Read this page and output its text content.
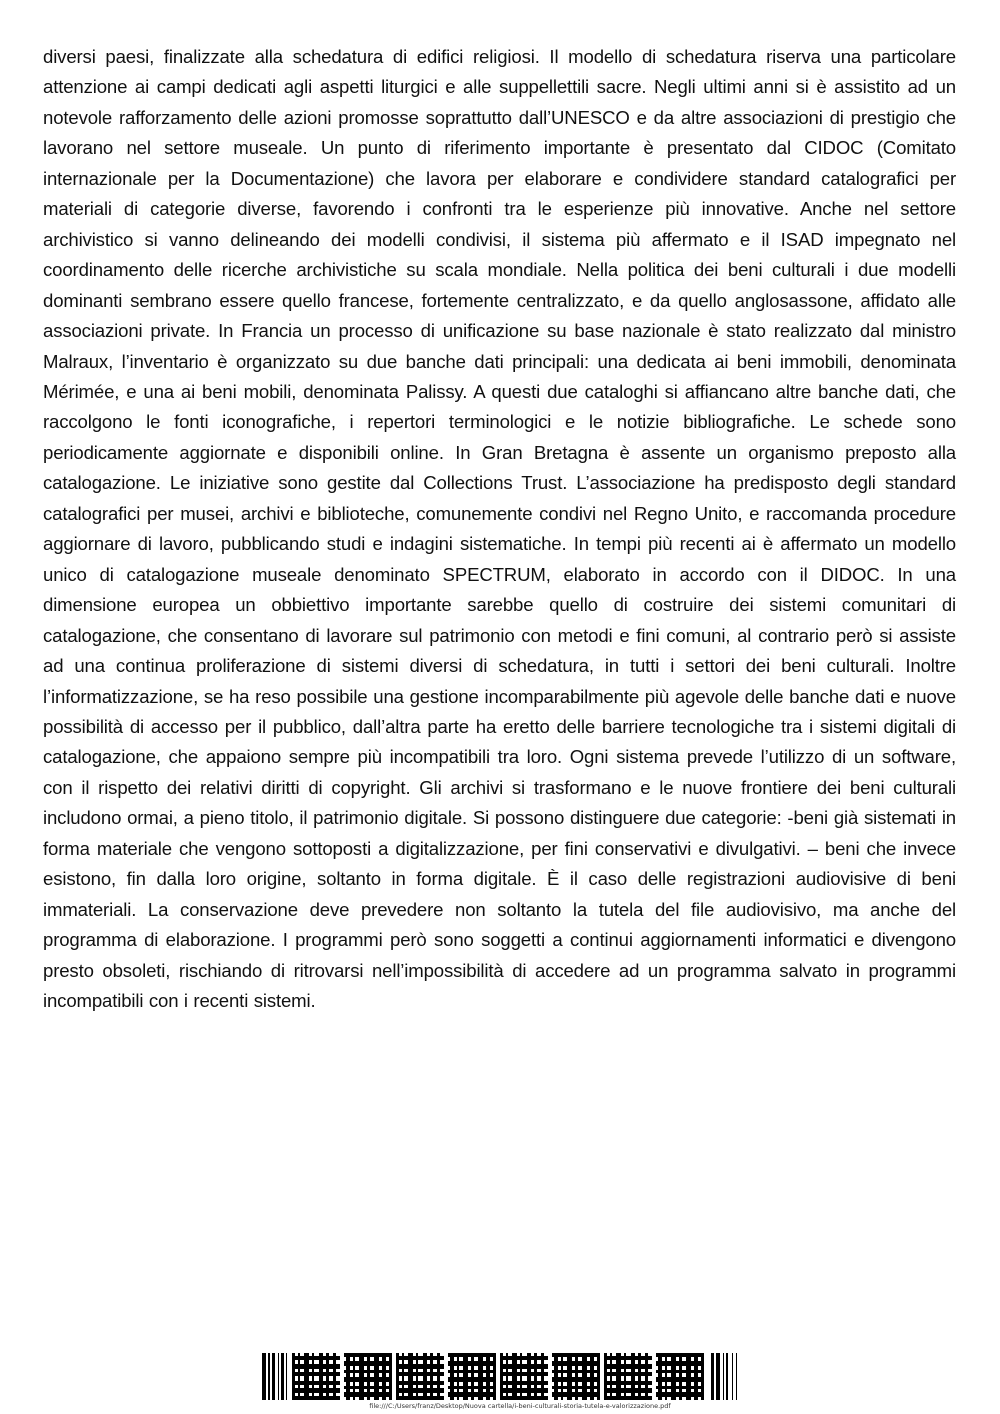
diversi paesi, finalizzate alla schedatura di edifici religiosi. Il modello di schedatura riserva una particolare attenzione ai campi dedicati agli aspetti liturgici e alle suppellettili sacre. Negli ultimi anni si è assistito ad un notevole rafforzamento delle azioni promosse soprattutto dall’UNESCO e da altre associazioni di prestigio che lavorano nel settore museale. Un punto di riferimento importante è presentato dal CIDOC (Comitato internazionale per la Documentazione) che lavora per elaborare e condividere standard catalografici per materiali di categorie diverse, favorendo i confronti tra le esperienze più innovative. Anche nel settore archivistico si vanno delineando dei modelli condivisi, il sistema più affermato e il ISAD impegnato nel coordinamento delle ricerche archivistiche su scala mondiale. Nella politica dei beni culturali i due modelli dominanti sembrano essere quello francese, fortemente centralizzato, e da quello anglosassone, affidato alle associazioni private. In Francia un processo di unificazione su base nazionale è stato realizzato dal ministro Malraux, l’inventario è organizzato su due banche dati principali: una dedicata ai beni immobili, denominata Mérimée, e una ai beni mobili, denominata Palissy. A questi due cataloghi si affiancano altre banche dati, che raccolgono le fonti iconografiche, i repertori terminologici e le notizie bibliografiche. Le schede sono periodicamente aggiornate e disponibili online. In Gran Bretagna è assente un organismo preposto alla catalogazione. Le iniziative sono gestite dal Collections Trust. L’associazione ha predisposto degli standard catalografici per musei, archivi e biblioteche, comunemente condivi nel Regno Unito, e raccomanda procedure aggiornare di lavoro, pubblicando studi e indagini sistematiche. In tempi più recenti ai è affermato un modello unico di catalogazione museale denominato SPECTRUM, elaborato in accordo con il DIDOC. In una dimensione europea un obbiettivo importante sarebbe quello di costruire dei sistemi comunitari di catalogazione, che consentano di lavorare sul patrimonio con metodi e fini comuni, al contrario però si assiste ad una continua proliferazione di sistemi diversi di schedatura, in tutti i settori dei beni culturali. Inoltre l’informatizzazione, se ha reso possibile una gestione incomparabilmente più agevole delle banche dati e nuove possibilità di accesso per il pubblico, dall’altra parte ha eretto delle barriere tecnologiche tra i sistemi digitali di catalogazione, che appaiono sempre più incompatibili tra loro. Ogni sistema prevede l’utilizzo di un software, con il rispetto dei relativi diritti di copyright. Gli archivi si trasformano e le nuove frontiere dei beni culturali includono ormai, a pieno titolo, il patrimonio digitale. Si possono distinguere due categorie: -beni già sistemati in forma materiale che vengono sottoposti a digitalizzazione, per fini conservativi e divulgativi. – beni che invece esistono, fin dalla loro origine, soltanto in forma digitale. È il caso delle registrazioni audiovisive di beni immateriali. La conservazione deve prevedere non soltanto la tutela del file audiovisivo, ma anche del programma di elaborazione. I programmi però sono soggetti a continui aggiornamenti informatici e divengono presto obsoleti, rischiando di ritrovarsi nell’impossibilità di accedere ad un programma salvato in programmi incompatibili con i recenti sistemi.

file:///C:/Users/franz/Desktop/Nuova cartella/i-beni-culturali-storia-tutela-e-valorizzazione.pdf
